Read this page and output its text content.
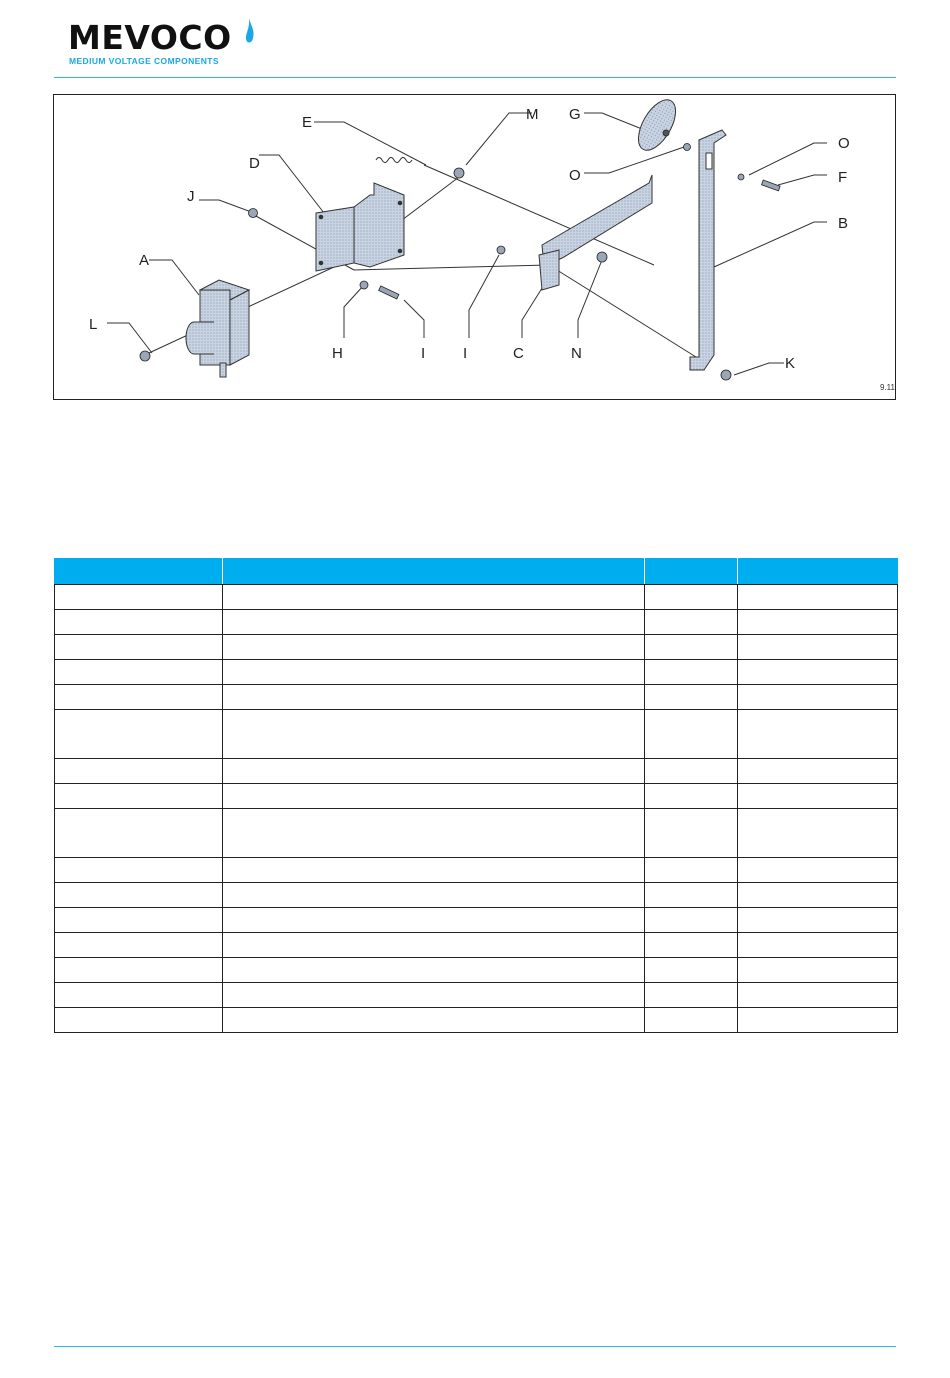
MEVOCO
MEDIUM VOLTAGE COMPONENTS
E	M G
O
D
J
O
F
B
A
L
H	I	I	C	N
K
9.11
